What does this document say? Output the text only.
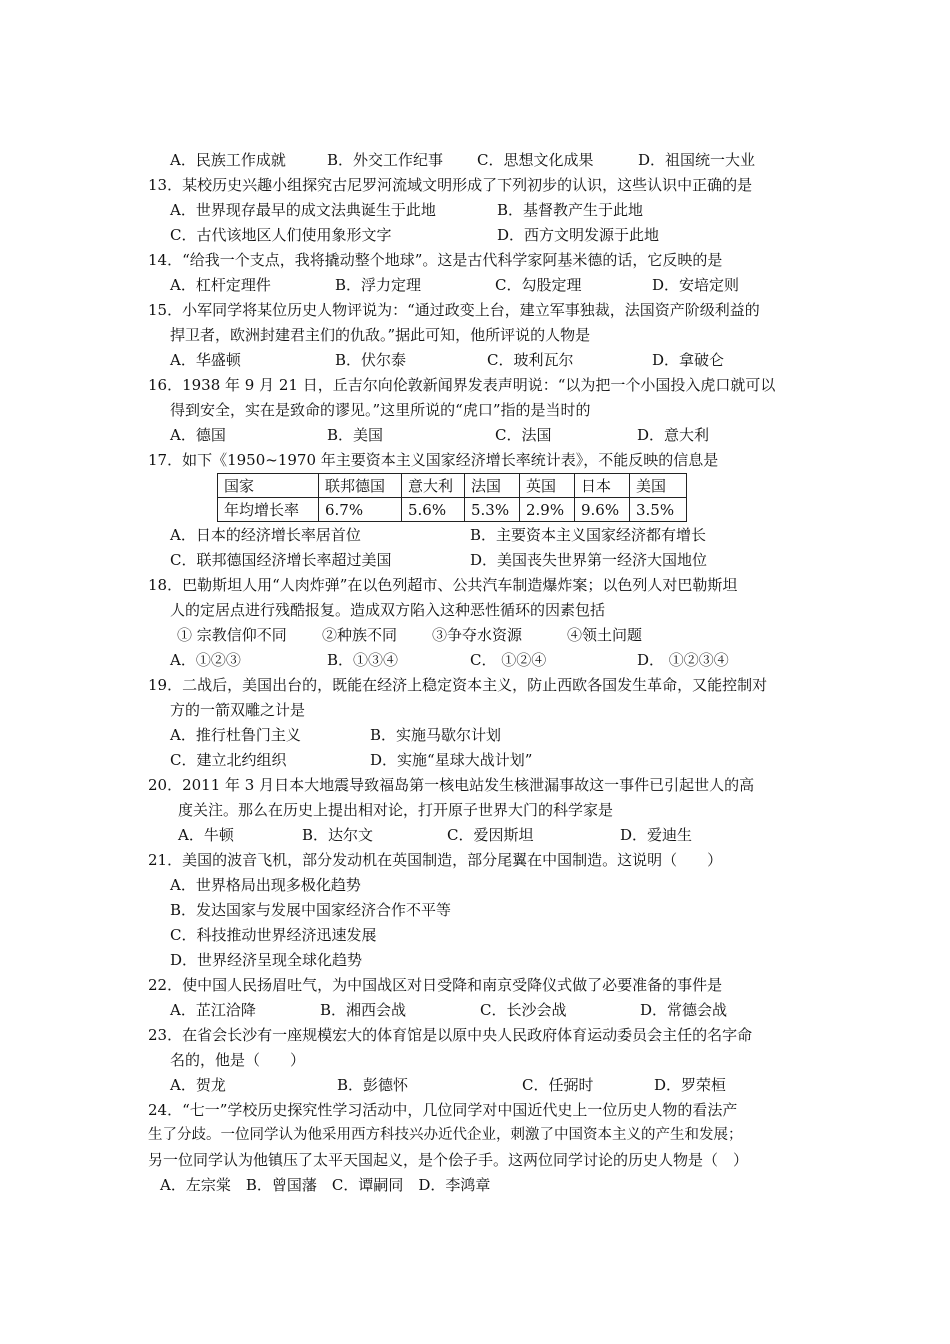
A．民族工作成就	B．外交工作纪事 C．思想文化成果	D．祖国统一大业
13．某校历史兴趣小组探究古尼罗河流域文明形成了下列初步的认识，这些认识中正确的是
A．世界现存最早的成文法典诞生于此地	B．基督教产生于此地
C．古代该地区人们使用象形文字	D．西方文明发源于此地
14．“给我一个支点，我将撬动整个地球”。这是古代科学家阿基米德的话，它反映的是
A．杠杆定理件	B．浮力定理	C．勾股定理	D．安培定则
15．小军同学将某位历史人物评说为：“通过政变上台，建立军事独裁，法国资产阶级利益的
捍卫者，欧洲封建君主们的仇敌。”据此可知，他所评说的人物是
A．华盛顿	B．伏尔泰	C．玻利瓦尔	D．拿破仑
16．1938 年 9 月 21 日，丘吉尔向伦敦新闻界发表声明说：“以为把一个小国投入虎口就可以
得到安全，实在是致命的谬见。”这里所说的“虎口”指的是当时的
A．德国	B．美国	C．法国	D．意大利
17．如下《1950~1970 年主要资本主义国家经济增长率统计表》，不能反映的信息是
国家	联邦德国	意大利	法国	英国	日本	美国
年均增长率	6.7%	5.6%	5.3%	2.9%	9.6%	3.5%
A．日本的经济增长率居首位	B．主要资本主义国家经济都有增长
C．联邦德国经济增长率超过美国	D．美国丧失世界第一经济大国地位
18．巴勒斯坦人用“人肉炸弹”在以色列超市、公共汽车制造爆炸案；以色列人对巴勒斯坦
人的定居点进行残酷报复。造成双方陷入这种恶性循环的因素包括
① 宗教信仰不同 ②种族不同 ③争夺水资源	④领土问题
A．①②③	B．①③④	C． ①②④	D． ①②③④
19．二战后，美国出台的，既能在经济上稳定资本主义，防止西欧各国发生革命，又能控制对
方的一箭双雕之计是
A．推行杜鲁门主义	B．实施马歇尔计划
C．建立北约组织	D．实施“星球大战计划”
20．2011 年 3 月日本大地震导致福岛第一核电站发生核泄漏事故这一事件已引起世人的高
度关注。那么在历史上提出相对论，打开原子世界大门的科学家是
A．牛顿	B．达尔文	C．爱因斯坦	D．爱迪生
21．美国的波音飞机，部分发动机在英国制造，部分尾翼在中国制造。这说明（　　）
A．世界格局出现多极化趋势
B．发达国家与发展中国家经济合作不平等
C．科技推动世界经济迅速发展
D．世界经济呈现全球化趋势
22．使中国人民扬眉吐气，为中国战区对日受降和南京受降仪式做了必要准备的事件是
A．芷江洽降	B．湘西会战	C．长沙会战	D．常德会战
23．在省会长沙有一座规模宏大的体育馆是以原中央人民政府体育运动委员会主任的名字命
名的，他是（　　）
A．贺龙	B．彭德怀	C．任弼时	D．罗荣桓
24．“七一”学校历史探究性学习活动中，几位同学对中国近代史上一位历史人物的看法产
生了分歧。一位同学认为他采用西方科技兴办近代企业，刺激了中国资本主义的产生和发展；
另一位同学认为他镇压了太平天国起义，是个侩子手。这两位同学讨论的历史人物是（　）
A．左宗棠　B．曾国藩　C．谭嗣同　D．李鸿章
